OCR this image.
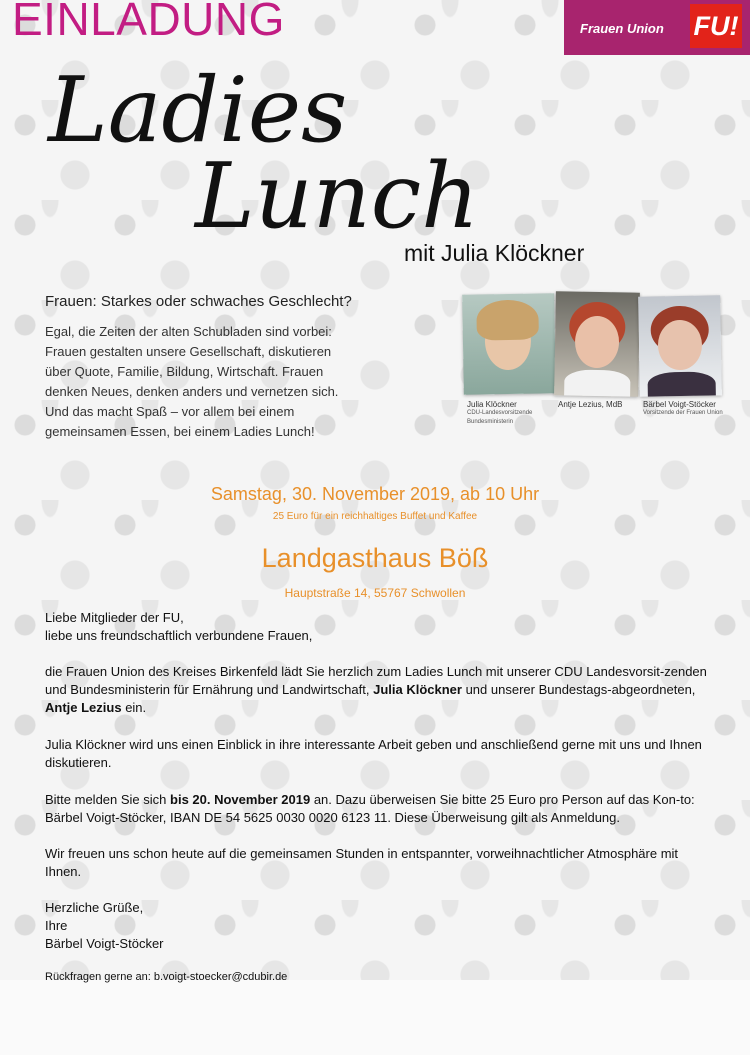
EINLADUNG	Frauen Union FU!
Ladies
Lunch
mit Julia Klöckner
Frauen: Starkes oder schwaches Geschlecht?
Egal, die Zeiten der alten Schubladen sind vorbei:
Frauen gestalten unsere Gesellschaft, diskutieren
über Quote, Familie, Bildung, Wirtschaft. Frauen
denken Neues, denken anders und vernetzen sich.
Und das macht Spaß – vor allem bei einem
gemeinsamen Essen, bei einem Ladies Lunch!
Julia Klöckner
CDU-Landesvorsitzende Bundesministerin
Antje Lezius, MdB	Bärbel Voigt-Stöcker
Vorsitzende der Frauen Union
Samstag, 30. November 2019, ab 10 Uhr
25 Euro für ein reichhaltiges Buffet und Kaffee
Landgasthaus Böß
Hauptstraße 14, 55767 Schwollen
Liebe Mitglieder der FU,
liebe uns freundschaftlich verbundene Frauen,
die Frauen Union des Kreises Birkenfeld lädt Sie herzlich zum Ladies Lunch mit unserer CDU Landesvorsit-zenden und Bundesministerin für Ernährung und Landwirtschaft, Julia Klöckner und unserer Bundestags-abgeordneten, Antje Lezius ein.
Julia Klöckner wird uns einen Einblick in ihre interessante Arbeit geben und anschließend gerne mit uns und Ihnen diskutieren.
Bitte melden Sie sich bis 20. November 2019 an. Dazu überweisen Sie bitte 25 Euro pro Person auf das Kon-to: Bärbel Voigt-Stöcker, IBAN DE 54 5625 0030 0020 6123 11. Diese Überweisung gilt als Anmeldung.
Wir freuen uns schon heute auf die gemeinsamen Stunden in entspannter, vorweihnachtlicher Atmosphäre mit Ihnen.
Herzliche Grüße,
Ihre
Bärbel Voigt-Stöcker
Rückfragen gerne an: b.voigt-stoecker@cdubir.de
